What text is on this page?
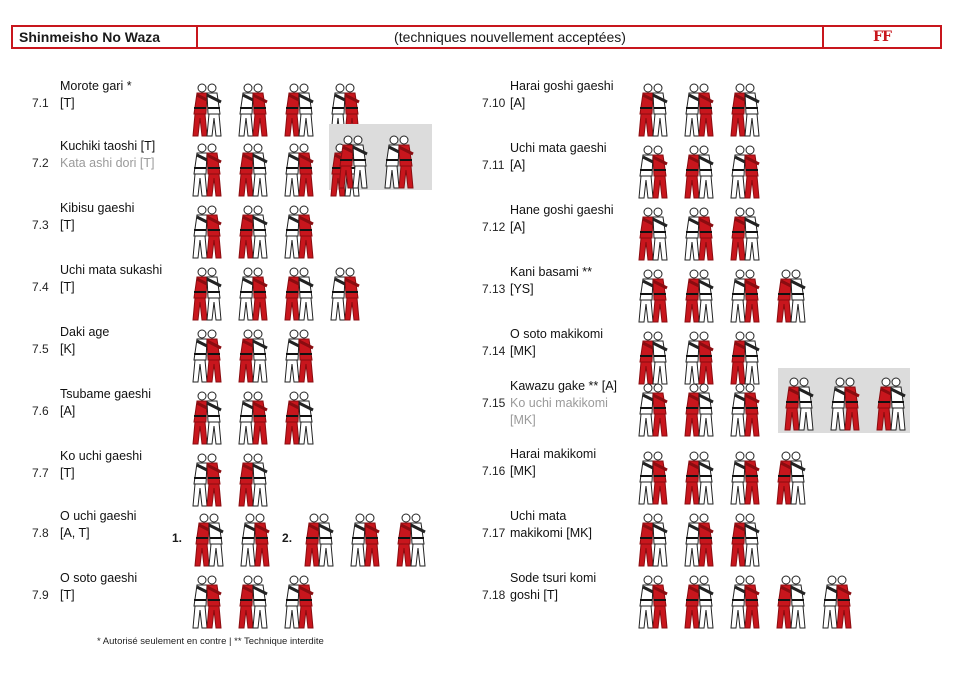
Shinmeisho No Waza	(techniques nouvellement acceptées)	FF
7.1
Morote gari *
[T]
7.2
Kuchiki taoshi [T]
Kata ashi dori [T]
7.3
Kibisu gaeshi
[T]
7.4
Uchi mata sukashi
[T]
7.5
Daki age
[K]
7.6
Tsubame gaeshi
[A]
7.7
Ko uchi gaeshi
[T]
7.8
O uchi gaeshi
[A, T]	1.	2.
7.9
O soto gaeshi
[T]
7.10
Harai goshi gaeshi
[A]
7.11
Uchi mata gaeshi
[A]
7.12
Hane goshi gaeshi
[A]
7.13
Kani basami **
[YS]
7.14
O soto makikomi
[MK]
7.15
Kawazu gake ** [A]
Ko uchi makikomi [MK]
7.16
Harai makikomi
[MK]
7.17
Uchi mata
makikomi [MK]
7.18
Sode tsuri komi
goshi [T]
* Autorisé seulement en contre | ** Technique interdite
